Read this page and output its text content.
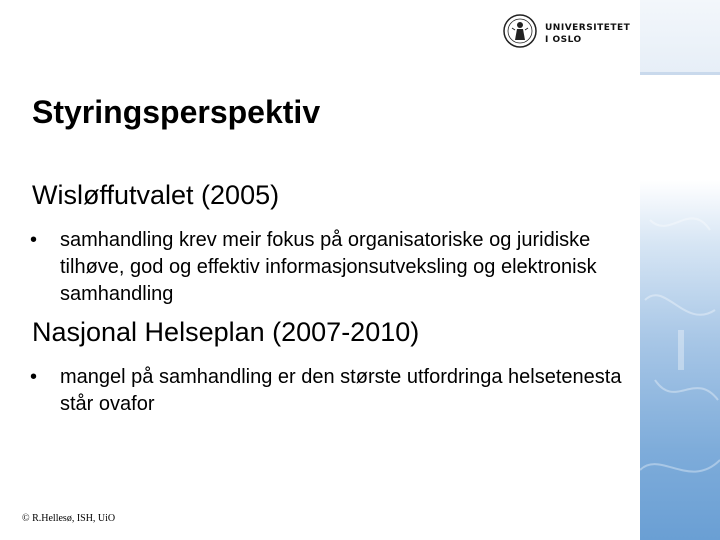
UNIVERSITETET
I OSLO
Styringsperspektiv
Wisløffutvalet (2005)
•	samhandling krev meir fokus på organisatoriske og juridiske tilhøve, god og effektiv informasjonsutveksling og elektronisk samhandling
Nasjonal Helseplan (2007-2010)
•	mangel på samhandling er den største utfordringa helsetenesta står ovafor
© R.Hellesø, ISH, UiO
